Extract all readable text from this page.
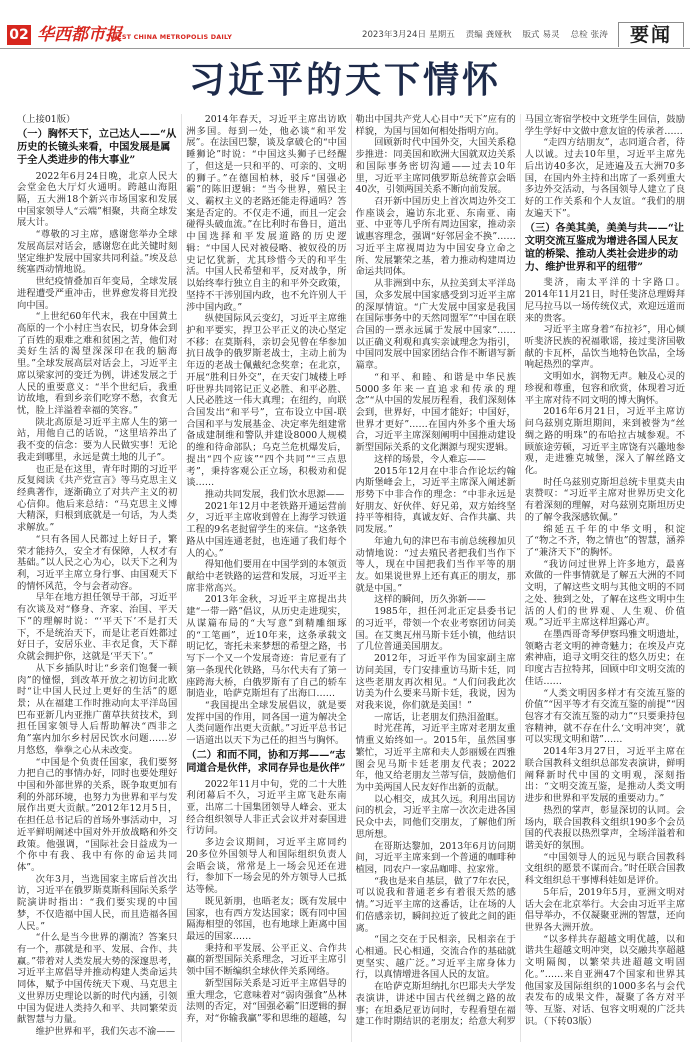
02 华西都市报
WEST CHINA METROPOLIS DAILY	2023年3月24日 星期五 责编 龚娅秋 版式 易灵 总检 张涛	要闻
习近平的天下情怀

（上接01版）

（一）胸怀天下，立己达人——“从历史的长镜头来看，中国发展是属于全人类进步的伟大事业”

2022年6月24日晚，北京人民大会堂金色大厅灯火通明。跨越山海阻隔，五大洲18个新兴市场国家和发展中国家领导人“云端”相聚，共商全球发展大计。

“尊敬的习主席，感谢您举办全球发展高层对话会，感谢您在此关键时刻坚定维护发展中国家共同利益。”埃及总统塞西动情地说。

世纪疫情叠加百年变局，全球发展进程遭受严重冲击，世界愈发将目光投向中国。

“上世纪60年代末，我在中国黄土高原的一个小村庄当农民，切身体会到了百姓的艰难之难和贫困之苦，他们对美好生活的渴望深深印在我的脑海里。”全球发展高层对话会上，习近平主席以梁家河的变迁为例，讲述发展之于人民的重要意义：“半个世纪后，我重访故地，看到乡亲们吃穿不愁，衣食无忧，脸上洋溢着幸福的笑容。”

陕北高原是习近平主席人生的第一站，用他自己的话说，“这里培养出了我不变的信念：要为人民做实事！无论我走到哪里，永远是黄土地的儿子”。

也正是在这里，青年时期的习近平反复阅读《共产党宣言》等马克思主义经典著作，逐渐确立了对共产主义的初心信仰。他后来总结：“马克思主义博大精深，归根到底就是一句话，为人类求解放。”

“只有各国人民都过上好日子，繁荣才能持久，安全才有保障，人权才有基础。”以人民之心为心，以天下之利为利，习近平主席立身行事、由国观天下的情怀风范，令与会者动容。

早年在地方担任领导干部，习近平有次谈及对“修身、齐家、治国、平天下”的理解时说：“‘平天下’不是打天下，不是统治天下，而是让老百姓都过好日子，安居乐业、丰衣足食，天下群众就会拥护你，这就是‘平天下’。”

从下乡插队时让“乡亲们饱餐一顿肉”的憧憬，到改革开放之初访问北欧时“让中国人民过上更好的生活”的愿景；从在福建工作时推动向太平洋岛国巴布亚新几内亚推广菌草扶贫技术，到担任国家领导人后帮助解决“西非之角”塞内加尔乡村居民饮水问题……岁月悠悠，拳拳之心从未改变。

“中国是个负责任国家，我们要努力把自己的事情办好，同时也要处理好中国和外部世界的关系，既争取更加有利的外部环境，也努力为世界和平与发展作出更大贡献。”2012年12月5日，在担任总书记后的首场外事活动中，习近平鲜明阐述中国对外开放战略和外交政策。他强调，“国际社会日益成为一个你中有我、我中有你的命运共同体”。

次年3月，当选国家主席后首次出访，习近平在俄罗斯莫斯科国际关系学院演讲时指出：“我们要实现的中国梦，不仅造福中国人民，而且造福各国人民。”

“什么是当今世界的潮流？答案只有一个，那就是和平、发展、合作、共赢。”带着对人类发展大势的深邃思考，习近平主席倡导并推动构建人类命运共同体，赋予中国传统天下观、马克思主义世界历史理论以新的时代内涵，引领中国为促进人类持久和平、共同繁荣贡献智慧与力量。

维护世界和平，我们矢志不渝——

2014年春天，习近平主席出访欧洲多国。每到一处，他必谈“和平发展”。在法国巴黎，谈及拿破仑的“中国睡狮论”时说：“中国这头狮子已经醒了，但这是一只和平的、可亲的、文明的狮子。”在德国柏林，驳斥“国强必霸”的陈旧逻辑：“当今世界，殖民主义、霸权主义的老路还能走得通吗？答案是否定的。不仅走不通，而且一定会碰得头破血流。”在比利时布鲁日，道出中国选择和平发展道路的历史逻辑：“中国人民对被侵略、被奴役的历史记忆犹新，尤其珍惜今天的和平生活。中国人民希望和平，反对战争，所以始终奉行独立自主的和平外交政策，坚持不干涉别国内政，也不允许别人干涉中国内政。”

纵使国际风云变幻，习近平主席维护和平要实，捍卫公平正义的决心坚定不移：在莫斯科，亲切会见曾在华参加抗日战争的俄罗斯老战士，主动上前为年迈的老战士佩戴纪念奖章；在北京，开展“胜利日外交”，在天安门城楼上呼吁世界共同铭记正义必胜、和平必胜、人民必胜这一伟大真理；在纽约，向联合国发出“和平号”，宣布设立中国-联合国和平与发展基金、决定率先组建常备成建制维和警队并建设8000人规模的维和待命部队；乌克兰危机爆发后，提出“四个应该”“四个共同”“三点思考”，秉持客观公正立场，积极劝和促谈……

推动共同发展，我们饮水思源——

2021年12月中老铁路开通运营前夕，习近平主席收到曾在上海学习铁道工程的9名老挝留学生的来信。“这条铁路从中国连通老挝，也连通了我们每个人的心。”

得知他们要用在中国学到的本领贡献给中老铁路的运营和发展，习近平主席非常高兴。

2013年金秋，习近平主席提出共建“一带一路”倡议，从历史走进现实，从谋篇布局的“大写意”到精雕细琢的“工笔画”，近10年来，这条承载文明记忆，寄托未来梦想的希望之路，书写下一个又一个发展奇迹：肯尼亚有了第一条现代化铁路，马尔代夫有了第一座跨海大桥，白俄罗斯有了自己的轿车制造业，哈萨克斯坦有了出海口……

“我国提出全球发展倡议，就是要发挥中国的作用，同各国一道为解决全人类问题作出更大贡献。”习近平总书记一语道出以天下为己任的担当与胸怀。

（二）和而不同，协和万邦——“志同道合是伙伴，求同存异也是伙伴”

2022年11月中旬，党的二十大胜利闭幕后不久，习近平主席飞赴东南亚，出席二十国集团领导人峰会、亚太经合组织领导人非正式会议并对泰国进行访问。

多边会议期间，习近平主席同约20多位外国领导人和国际组织负责人会晤会谈，常常是上一场会见还在进行，参加下一场会见的外方领导人已抵达等候。

既见新朋，也晤老友；既有发展中国家，也有西方发达国家；既有同中国隔海相望的邻国，也有地球上距离中国最远的国家……

秉持和平发展、公平正义、合作共赢的新型国际关系理念，习近平主席引领中国不断编织全球伙伴关系网络。

新型国际关系是习近平主席倡导的重大理念，它意味着对“弱肉强食”丛林法则的否定，对“国强必霸”旧逻辑的摒弃，对“你输我赢”零和思维的超越，勾勒出中国共产党人心目中“天下”应有的样貌，为国与国如何相处指明方向。

回顾新时代中国外交，大国关系稳步推进：同美国和欧洲大国就双边关系和国际事务密切沟通——过去10年里，习近平主席同俄罗斯总统普京会晤40次，引领两国关系不断向前发展。

召开新中国历史上首次周边外交工作座谈会，遍访东北亚、东南亚、南亚、中亚等几乎所有周边国家，推动亲诚惠容理念，强调“好邻居金不换”……习近平主席视周边为中国安身立命之所、发展繁荣之基，着力推动构建周边命运共同体。

从非洲到中东，从拉美到太平洋岛国，众多发展中国家感受到习近平主席的深厚情谊。“广大发展中国家是我国在国际事务中的天然同盟军”“中国在联合国的一票永远属于发展中国家”……以正确义利观和真实亲诚理念为指引，中国同发展中国家团结合作不断谱写新篇章。

“和平、和睦、和谐是中华民族5000多年来一直追求和传承的理念”“从中国的发展历程看，我们深刻体会到，世界好，中国才能好；中国好，世界才更好”……在国内外多个重大场合，习近平主席深刻阐明中国推动建设新型国际关系的文化渊源与现实逻辑。

这样的场景，令人难忘——

2015年12月在中非合作论坛约翰内斯堡峰会上，习近平主席深入阐述新形势下中非合作的理念：“中非永远是好朋友、好伙伴、好兄弟，双方始终坚持平等相待，真诚友好、合作共赢、共同发展。”

年逾九旬的津巴布韦前总统穆加贝动情地说：“过去殖民者把我们当作下等人，现在中国把我们当作平等的朋友。如果说世界上还有真正的朋友，那就是中国。”

这样的瞬间，历久弥新——

1985年，担任河北正定县委书记的习近平，带领一个农业考察团访问美国。在艾奥瓦州马斯卡廷小镇，他结识了几位普通美国朋友。

2012年，习近平作为国家副主席访问美国，专门安排重访马斯卡廷，同这些老朋友再次相见。“人们问我此次访美为什么要来马斯卡廷，我说，因为对我来说，你们就是美国！”

一席话，让老朋友们热泪盈眶。

时光荏苒，习近平主席对老朋友重情重义始终如一。2015年，虽然国事繁忙，习近平主席和夫人彭丽媛在西雅图会见马斯卡廷老朋友代表；2022年，他又给老朋友兰蒂写信，鼓励他们为中美两国人民友好作出新的贡献。

以心相交，成其久远。利用出国访问的机会，习近平主席一次次走进各国民众中去，同他们交朋友，了解他们所思所想。

在哥斯达黎加，2013年6月访问期间，习近平主席来到一个普通的咖啡种植园，同农户一家品咖啡、拉家常。

“我也是来自基层，做了7年农民，可以说我和普通老乡有着很天然的感情。”习近平主席的这番话，让在场的人们倍感亲切，瞬间拉近了彼此之间的距离。

“国之交在于民相亲，民相亲在于心相通。民心相通，交流合作的基础就更坚实、越广泛。”习近平主席身体力行，以真情增进各国人民的友谊。

在哈萨克斯坦纳扎尔巴耶夫大学发表演讲，讲述中国古代丝绸之路的故事；在坦桑尼亚访问时，专程看望在福建工作时期结识的老朋友；给意大利罗马国立寄宿学校中文班学生回信，鼓励学生学好中文做中意友谊的传承者……

“走四方结朋友”，志同道合者，待人以诚。过去10年里，习近平主席先后出访40多次，足迹遍及五大洲70多国，在国内外主持和出席了一系列重大多边外交活动，与各国领导人建立了良好的工作关系和个人友谊。“我们的朋友遍天下”。

（三）各美其美，美美与共——“让文明交流互鉴成为增进各国人民友谊的桥梁、推动人类社会进步的动力、维护世界和平的纽带”

斐济，南太平洋的十字路口。2014年11月21日，时任斐济总理姆拜尼马拉马以一场传统仪式，欢迎远道而来的贵客。

习近平主席身着“布拉衫”，用心倾听斐济民族的祝福歌谣，接过斐济国敬献的卡瓦杯，品饮当地特色饮品，全场响起热烈的掌声。

文明如水，润物无声。触及心灵的珍视和尊重，包容和欣赏，体现着习近平主席对待不同文明的博大胸怀。

2016年6月21日，习近平主席访问乌兹别克斯坦期间，来到被誉为“丝绸之路的明珠”的布哈拉古城参观。不顾旅途劳顿，习近平主席饶有兴趣地参观，走进雅克城堡，深入了解丝路文化。

时任乌兹别克斯坦总统卡里莫夫由衷赞叹：“习近平主席对世界历史文化有着深刻的理解，对乌兹别克斯坦历史的了解令我深感钦佩。”

绵延五千年的中华文明，积淀了“物之不齐，物之情也”的智慧，涵养了“兼济天下”的胸怀。

“我访问过世界上许多地方，最喜欢做的一件事情就是了解五大洲的不同文明，了解这些文明与其他文明的不同之处、独到之处，了解在这些文明中生活的人们的世界观、人生观、价值观。”习近平主席这样坦露心声。

在墨西哥奇琴伊察玛雅文明遗址，领略古老文明的神奇魅力；在埃及卢克索神庙，追寻文明交往的悠久历史；在印度古吉拉特邦，回顾中印文明交流的佳话……

“人类文明因多样才有交流互鉴的价值”“因平等才有交流互鉴的前提”“因包容才有交流互鉴的动力”“只要秉持包容精神，就不存在什么‘文明冲突’，就可以实现文明和谐”……

2014年3月27日，习近平主席在联合国教科文组织总部发表演讲，鲜明阐释新时代中国的文明观，深刻指出：“文明交流互鉴，是推动人类文明进步和世界和平发展的重要动力。”

热烈的掌声，彰显深切的认同。会场内，联合国教科文组织190多个会员国的代表报以热烈掌声，全场洋溢着和谐美好的氛围。

“中国领导人的远见与联合国教科文组织的愿景不谋而合。”时任联合国教科文组织总干事博科娃如是评价。

5年后，2019年5月，亚洲文明对话大会在北京举行。大会由习近平主席倡导举办，不仅凝聚亚洲的智慧，还向世界各大洲开放。

“以多样共存超越文明优越，以和谐共生超越文明冲突，以交融共享超越文明隔阂，以繁荣共进超越文明固化。”……来自亚洲47个国家和世界其他国家及国际组织的1000多名与会代表发布的成果文件，凝聚了各方对平等、互鉴、对话、包容文明观的广泛共识。（下转03版）
